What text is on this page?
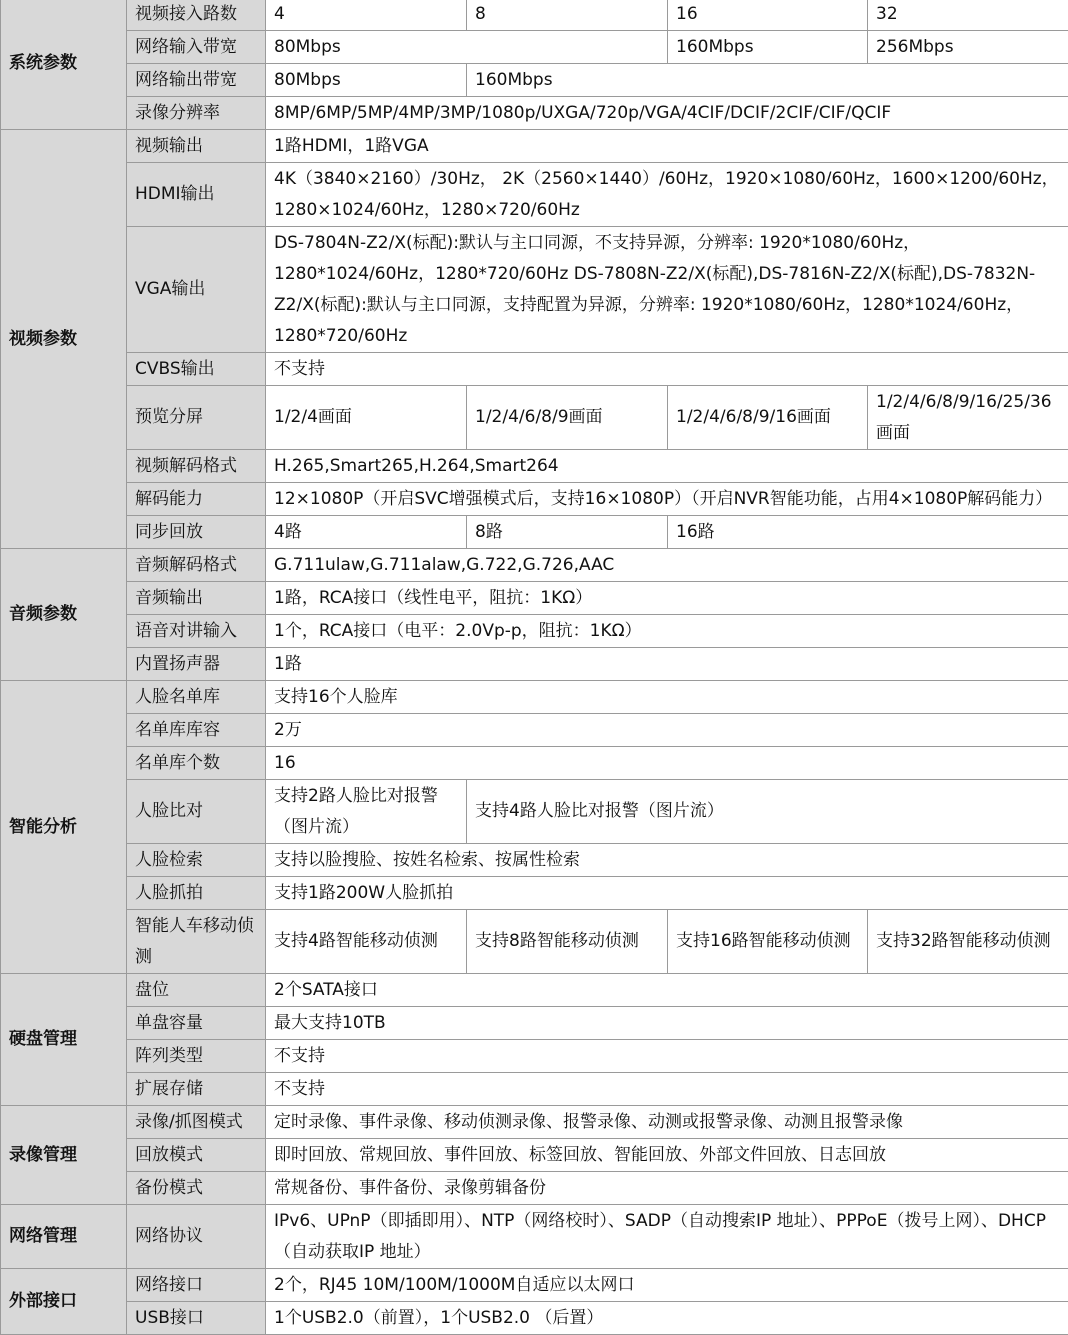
系统参数	视频接入路数	4	8	16	32
	网络输入带宽	80Mbps		160Mbps	256Mbps
	网络输出带宽	80Mbps	160Mbps		
	录像分辨率	8MP/6MP/5MP/4MP/3MP/1080p/UXGA/720p/VGA/4CIF/DCIF/2CIF/CIF/QCIF			
视频参数	视频输出	1路HDMI，1路VGA			
	HDMI输出	4K（3840×2160）/30Hz， 2K（2560×1440）/60Hz，1920×1080/60Hz，1600×1200/60Hz，1280×1024/60Hz，1280×720/60Hz			
	VGA输出	DS-7804N-Z2/X(标配):默认与主口同源，不支持异源，分辨率: 1920*1080/60Hz，1280*1024/60Hz，1280*720/60Hz DS-7808N-Z2/X(标配),DS-7816N-Z2/X(标配),DS-7832N-Z2/X(标配):默认与主口同源，支持配置为异源，分辨率: 1920*1080/60Hz，1280*1024/60Hz，1280*720/60Hz			
	CVBS输出	不支持			
	预览分屏	1/2/4画面	1/2/4/6/8/9画面	1/2/4/6/8/9/16画面	1/2/4/6/8/9/16/25/36画面
	视频解码格式	H.265,Smart265,H.264,Smart264			
	解码能力	12×1080P（开启SVC增强模式后，支持16×1080P）（开启NVR智能功能，占用4×1080P解码能力）			
	同步回放	4路	8路	16路	
音频参数	音频解码格式	G.711ulaw,G.711alaw,G.722,G.726,AAC			
	音频输出	1路，RCA接口（线性电平，阻抗：1KΩ）			
	语音对讲输入	1个，RCA接口（电平：2.0Vp-p，阻抗：1KΩ）			
	内置扬声器	1路			
智能分析	人脸名单库	支持16个人脸库			
	名单库库容	2万			
	名单库个数	16			
	人脸比对	支持2路人脸比对报警（图片流）	支持4路人脸比对报警（图片流）		
	人脸检索	支持以脸搜脸、按姓名检索、按属性检索			
	人脸抓拍	支持1路200W人脸抓拍			
	智能人车移动侦测	支持4路智能移动侦测	支持8路智能移动侦测	支持16路智能移动侦测	支持32路智能移动侦测
硬盘管理	盘位	2个SATA接口			
	单盘容量	最大支持10TB			
	阵列类型	不支持			
	扩展存储	不支持			
录像管理	录像/抓图模式	定时录像、事件录像、移动侦测录像、报警录像、动测或报警录像、动测且报警录像			
	回放模式	即时回放、常规回放、事件回放、标签回放、智能回放、外部文件回放、日志回放			
	备份模式	常规备份、事件备份、录像剪辑备份			
网络管理	网络协议	IPv6、UPnP（即插即用）、NTP（网络校时）、SADP（自动搜索IP 地址）、PPPoE（拨号上网）、DHCP（自动获取IP 地址）			
外部接口	网络接口	2个，RJ45 10M/100M/1000M自适应以太网口			
	USB接口	1个USB2.0（前置），1个USB2.0 （后置）			
